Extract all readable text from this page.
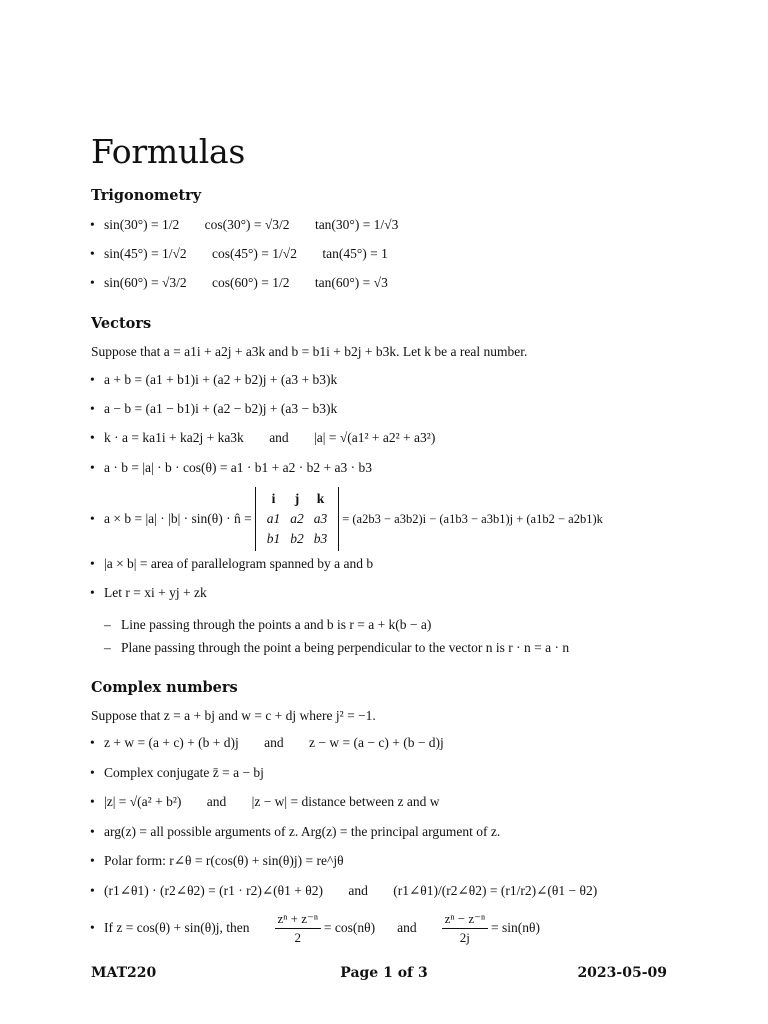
Formulas
Trigonometry
• sin(30°) = 1/2 cos(30°) = √3/2 tan(30°) = 1/√3
• sin(45°) = 1/√2 cos(45°) = 1/√2 tan(45°) = 1
• sin(60°) = √3/2 cos(60°) = 1/2 tan(60°) = √3
Vectors
Suppose that a = a1i + a2j + a3k and b = b1i + b2j + b3k. Let k be a real number.
• a + b = (a1 + b1)i + (a2 + b2)j + (a3 + b3)k
• a − b = (a1 − b1)i + (a2 − b2)j + (a3 − b3)k
• k · a = ka1i + ka2j + ka3k and |a| = √(a1² + a2² + a3²)
• a · b = |a| · b · cos(θ) = a1 · b1 + a2 · b2 + a3 · b3
• a × b = |a| · |b| · sin(θ) · n̂ =
i	j	k
a1	a2	a3
b1	b2	b3
= (a2b3 − a3b2)i − (a1b3 − a3b1)j + (a1b2 − a2b1)k
• |a × b| = area of parallelogram spanned by a and b
• Let r = xi + yj + zk
– Line passing through the points a and b is r = a + k(b − a)
– Plane passing through the point a being perpendicular to the vector n is r · n = a · n
Complex numbers
Suppose that z = a + bj and w = c + dj where j² = −1.
• z + w = (a + c) + (b + d)j and z − w = (a − c) + (b − d)j
• Complex conjugate z̄ = a − bj
• |z| = √(a² + b²) and |z − w| = distance between z and w
• arg(z) = all possible arguments of z. Arg(z) = the principal argument of z.
• Polar form: r∠θ = r(cos(θ) + sin(θ)j) = re^jθ
• (r1∠θ1) · (r2∠θ2) = (r1 · r2)∠(θ1 + θ2) and (r1∠θ1)/(r2∠θ2) = (r1/r2)∠(θ1 − θ2)
• If z = cos(θ) + sin(θ)j, then $\frac{\text{zⁿ + z⁻ⁿ}}{2} = \cos(n\theta)$ and $\frac{\text{zⁿ − z⁻ⁿ}}{2j} = \sin(n\theta)$
MAT220	Page 1 of 3	2023-05-09
